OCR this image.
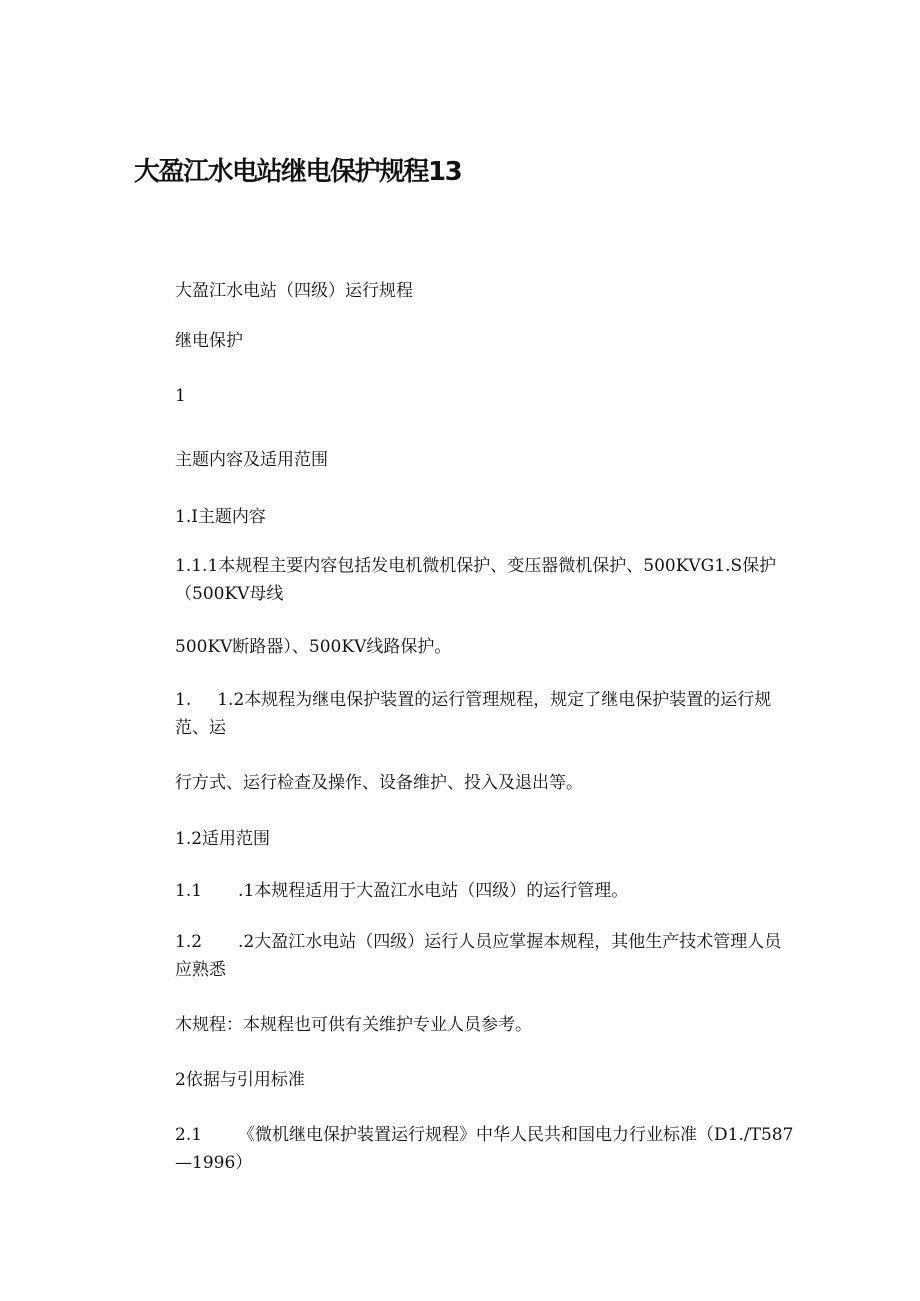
大盈江水电站继电保护规程13

大盈江水电站（四级）运行规程

继电保护

1

主题内容及适用范围

1.I主题内容

1.1.1本规程主要内容包括发电机微机保护、变压器微机保护、500KVG1.S保护（500KV母线

500KV断路器）、500KV线路保护。

1. 1.2本规程为继电保护装置的运行管理规程，规定了继电保护装置的运行规范、运

行方式、运行检查及操作、设备维护、投入及退出等。

1.2适用范围

1.1 .1本规程适用于大盈江水电站（四级）的运行管理。

1.2 .2大盈江水电站（四级）运行人员应掌握本规程，其他生产技术管理人员应熟悉

木规程：本规程也可供有关维护专业人员参考。

2依据与引用标准

2.1 《微机继电保护装置运行规程》中华人民共和国电力行业标准（D1./T587—1996）
